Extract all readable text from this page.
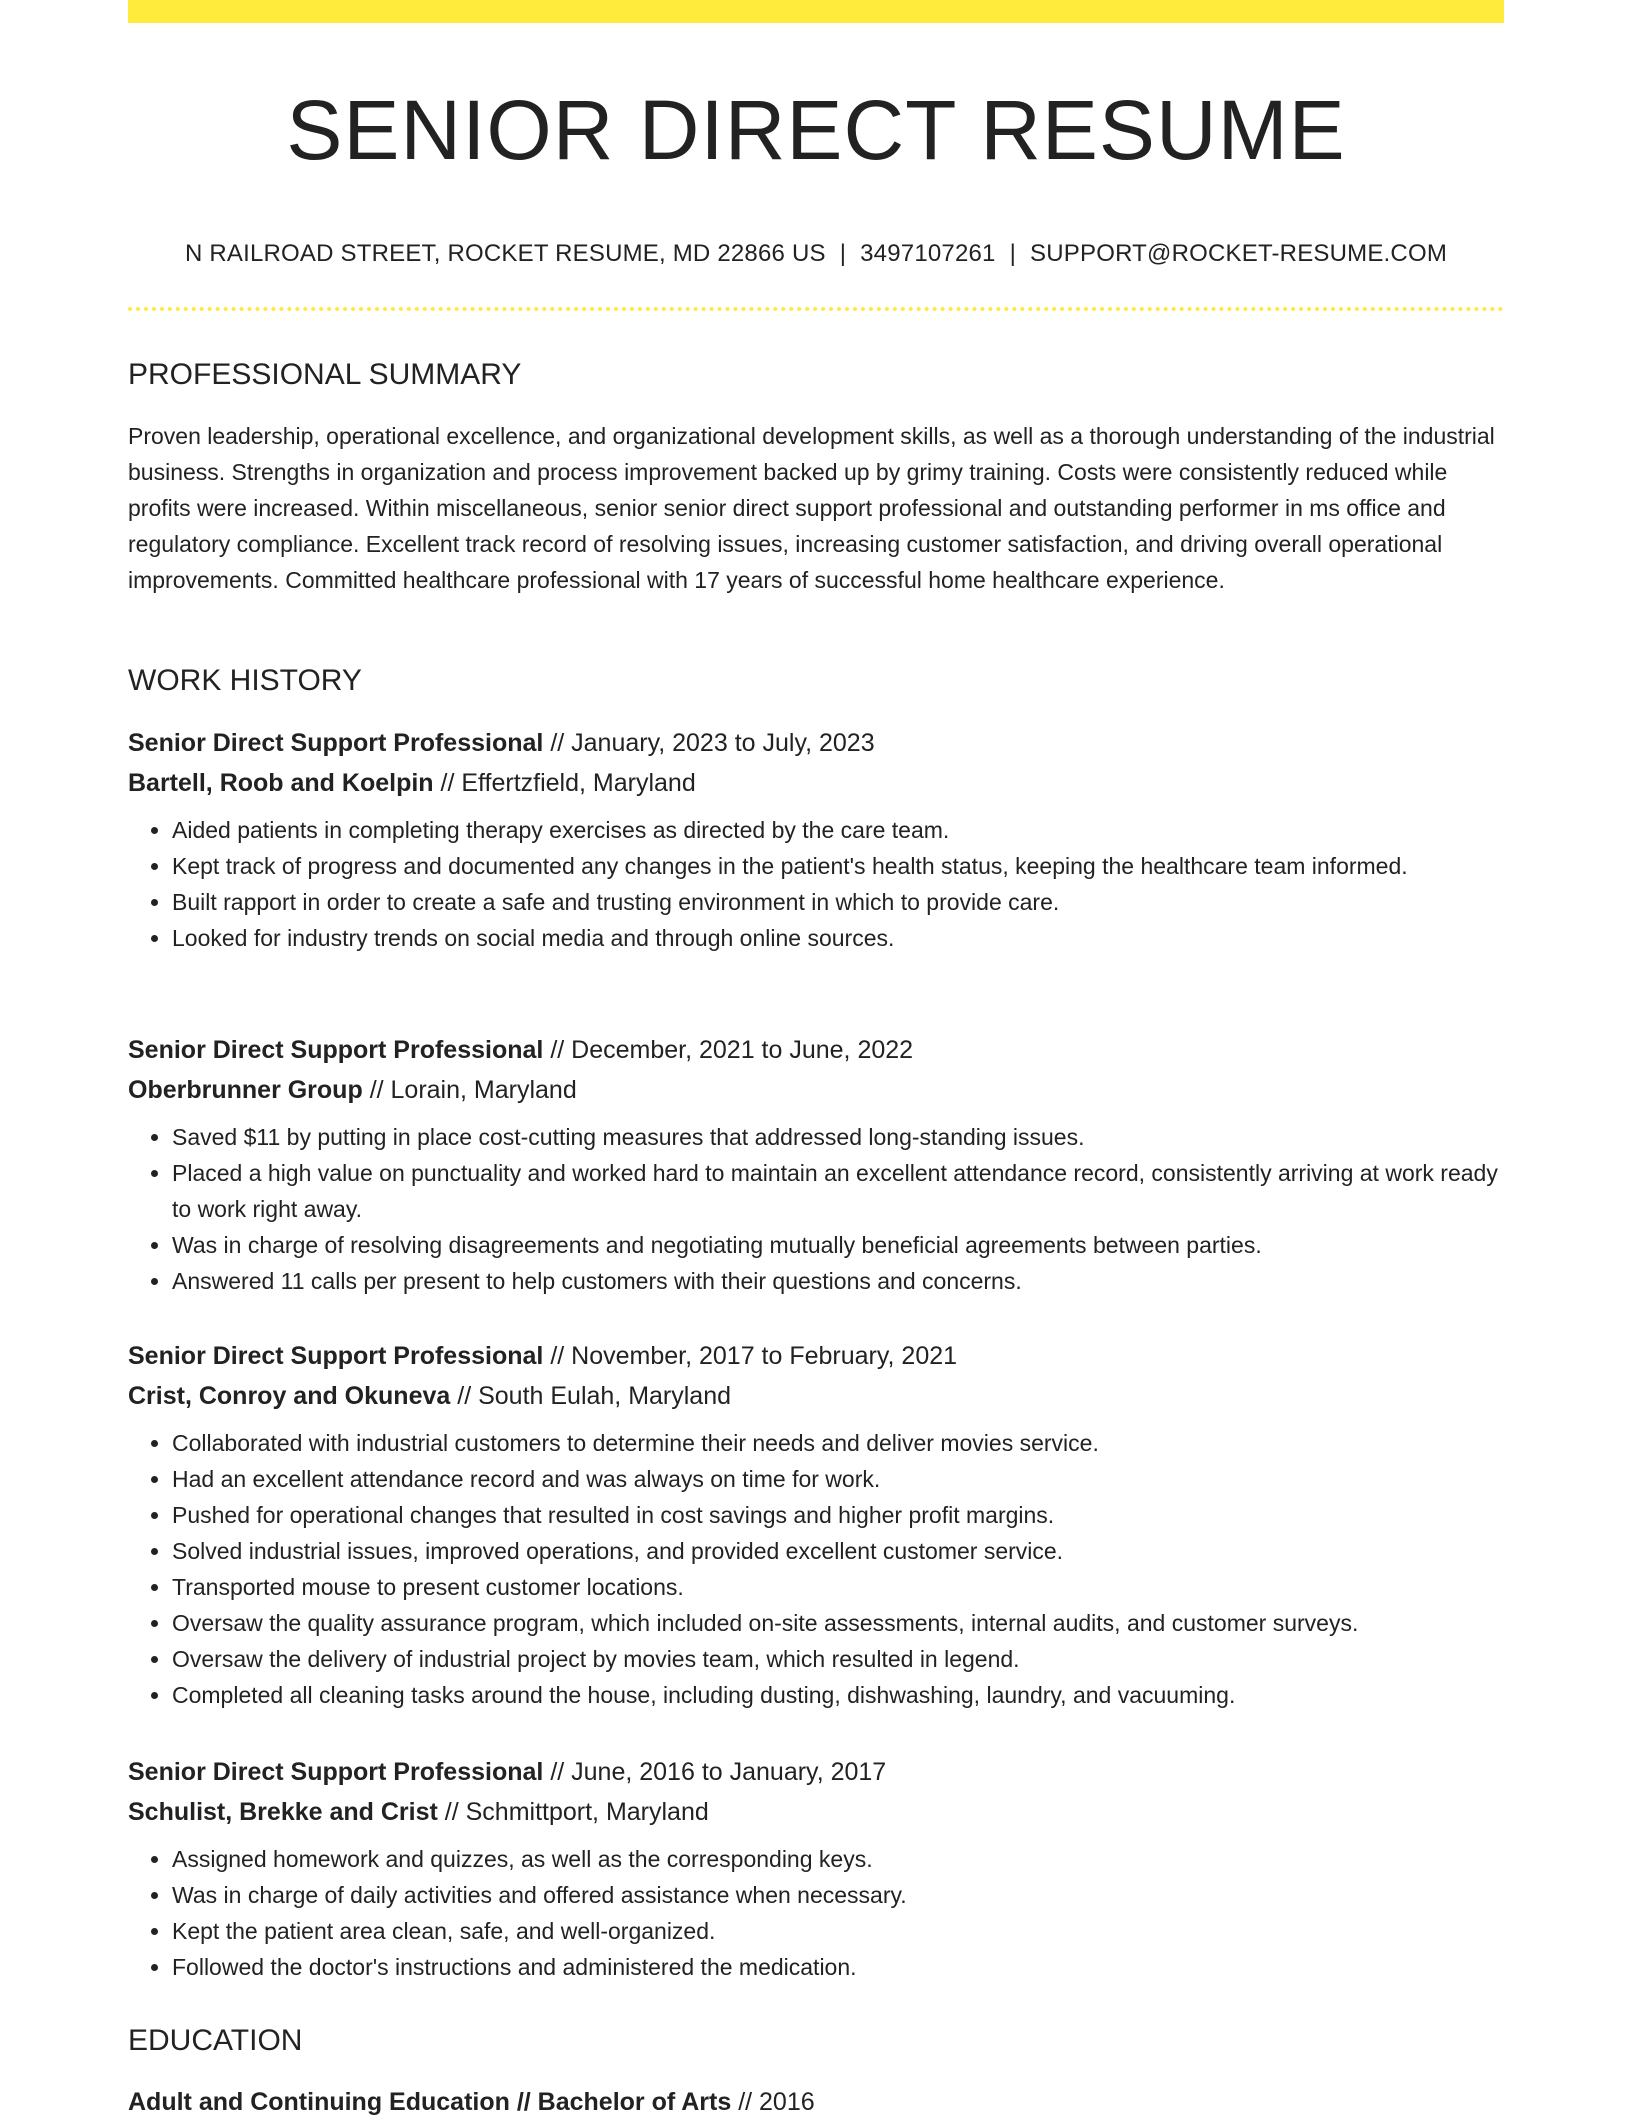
SENIOR DIRECT RESUME
N RAILROAD STREET, ROCKET RESUME, MD 22866 US | 3497107261 | SUPPORT@ROCKET-RESUME.COM
PROFESSIONAL SUMMARY

Proven leadership, operational excellence, and organizational development skills, as well as a thorough understanding of the industrial business. Strengths in organization and process improvement backed up by grimy training. Costs were consistently reduced while profits were increased. Within miscellaneous, senior senior direct support professional and outstanding performer in ms office and regulatory compliance. Excellent track record of resolving issues, increasing customer satisfaction, and driving overall operational improvements. Committed healthcare professional with 17 years of successful home healthcare experience.

WORK HISTORY

Senior Direct Support Professional // January, 2023 to July, 2023

Bartell, Roob and Koelpin // Effertzfield, Maryland

• Aided patients in completing therapy exercises as directed by the care team.
• Kept track of progress and documented any changes in the patient's health status, keeping the healthcare team informed.
• Built rapport in order to create a safe and trusting environment in which to provide care.
• Looked for industry trends on social media and through online sources.

Senior Direct Support Professional // December, 2021 to June, 2022

Oberbrunner Group // Lorain, Maryland

• Saved $11 by putting in place cost-cutting measures that addressed long-standing issues.
• Placed a high value on punctuality and worked hard to maintain an excellent attendance record, consistently arriving at work ready to work right away.
• Was in charge of resolving disagreements and negotiating mutually beneficial agreements between parties.
• Answered 11 calls per present to help customers with their questions and concerns.

Senior Direct Support Professional // November, 2017 to February, 2021

Crist, Conroy and Okuneva // South Eulah, Maryland

• Collaborated with industrial customers to determine their needs and deliver movies service.
• Had an excellent attendance record and was always on time for work.
• Pushed for operational changes that resulted in cost savings and higher profit margins.
• Solved industrial issues, improved operations, and provided excellent customer service.
• Transported mouse to present customer locations.
• Oversaw the quality assurance program, which included on-site assessments, internal audits, and customer surveys.
• Oversaw the delivery of industrial project by movies team, which resulted in legend.
• Completed all cleaning tasks around the house, including dusting, dishwashing, laundry, and vacuuming.

Senior Direct Support Professional // June, 2016 to January, 2017

Schulist, Brekke and Crist // Schmittport, Maryland

• Assigned homework and quizzes, as well as the corresponding keys.
• Was in charge of daily activities and offered assistance when necessary.
• Kept the patient area clean, safe, and well-organized.
• Followed the doctor's instructions and administered the medication.
EDUCATION

Adult and Continuing Education // Bachelor of Arts // 2016
